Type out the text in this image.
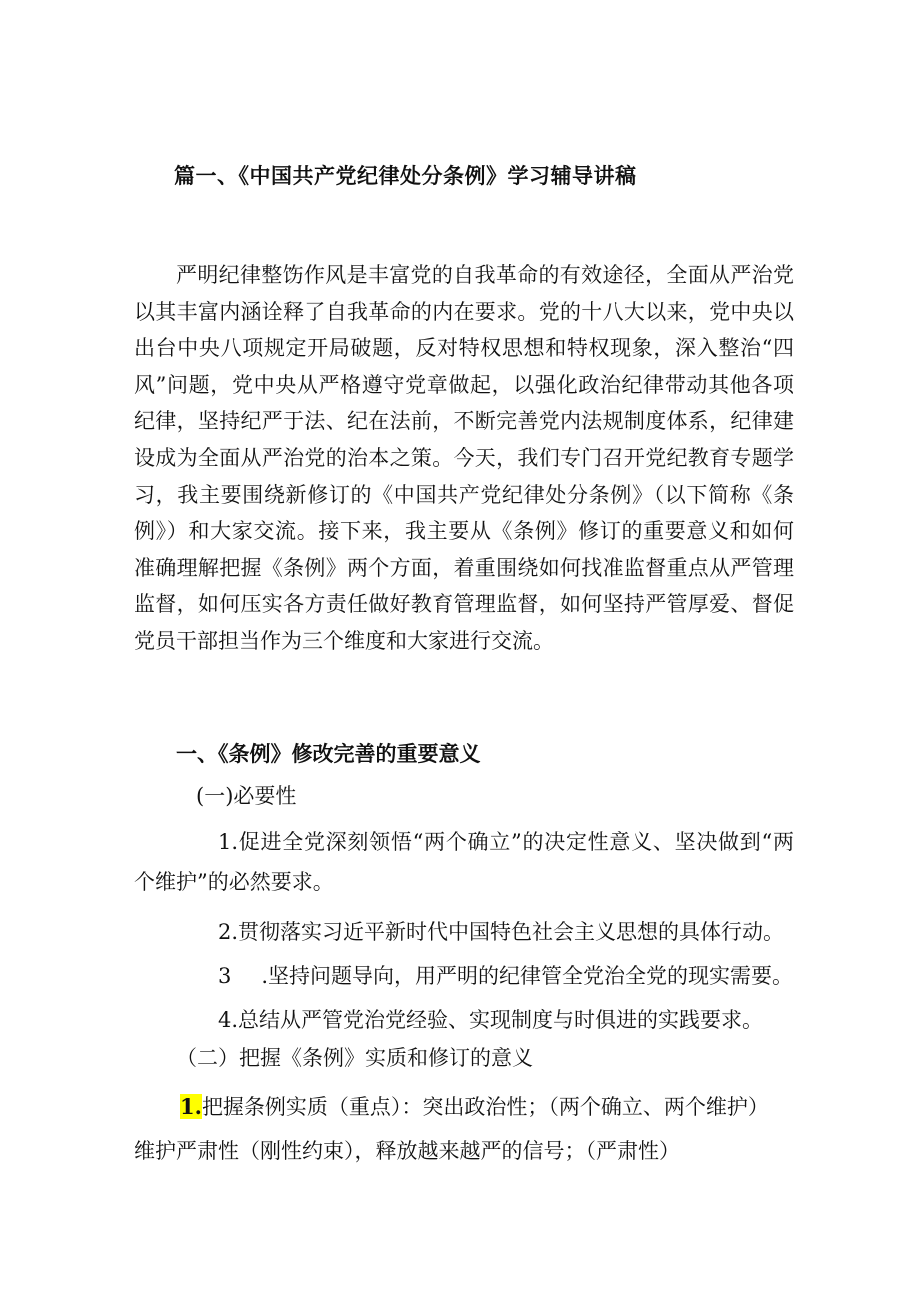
篇一、《中国共产党纪律处分条例》学习辅导讲稿

严明纪律整饬作风是丰富党的自我革命的有效途径，全面从严治党以其丰富内涵诠释了自我革命的内在要求。党的十八大以来，党中央以出台中央八项规定开局破题，反对特权思想和特权现象，深入整治“四风”问题，党中央从严格遵守党章做起，以强化政治纪律带动其他各项纪律，坚持纪严于法、纪在法前，不断完善党内法规制度体系，纪律建设成为全面从严治党的治本之策。今天，我们专门召开党纪教育专题学习，我主要围绕新修订的《中国共产党纪律处分条例》（以下简称《条例》）和大家交流。接下来，我主要从《条例》修订的重要意义和如何准确理解把握《条例》两个方面，着重围绕如何找准监督重点从严管理监督，如何压实各方责任做好教育管理监督，如何坚持严管厚爱、督促党员干部担当作为三个维度和大家进行交流。

一、《条例》修改完善的重要意义
(一)必要性
1.促进全党深刻领悟“两个确立”的决定性意义、坚决做到“两个维护”的必然要求。
2.贯彻落实习近平新时代中国特色社会主义思想的具体行动。
3 .坚持问题导向，用严明的纪律管全党治全党的现实需要。
4.总结从严管党治党经验、实现制度与时俱进的实践要求。
（二）把握《条例》实质和修订的意义
1.把握条例实质（重点）：突出政治性；（两个确立、两个维护）
维护严肃性（刚性约束），释放越来越严的信号；（严肃性）
